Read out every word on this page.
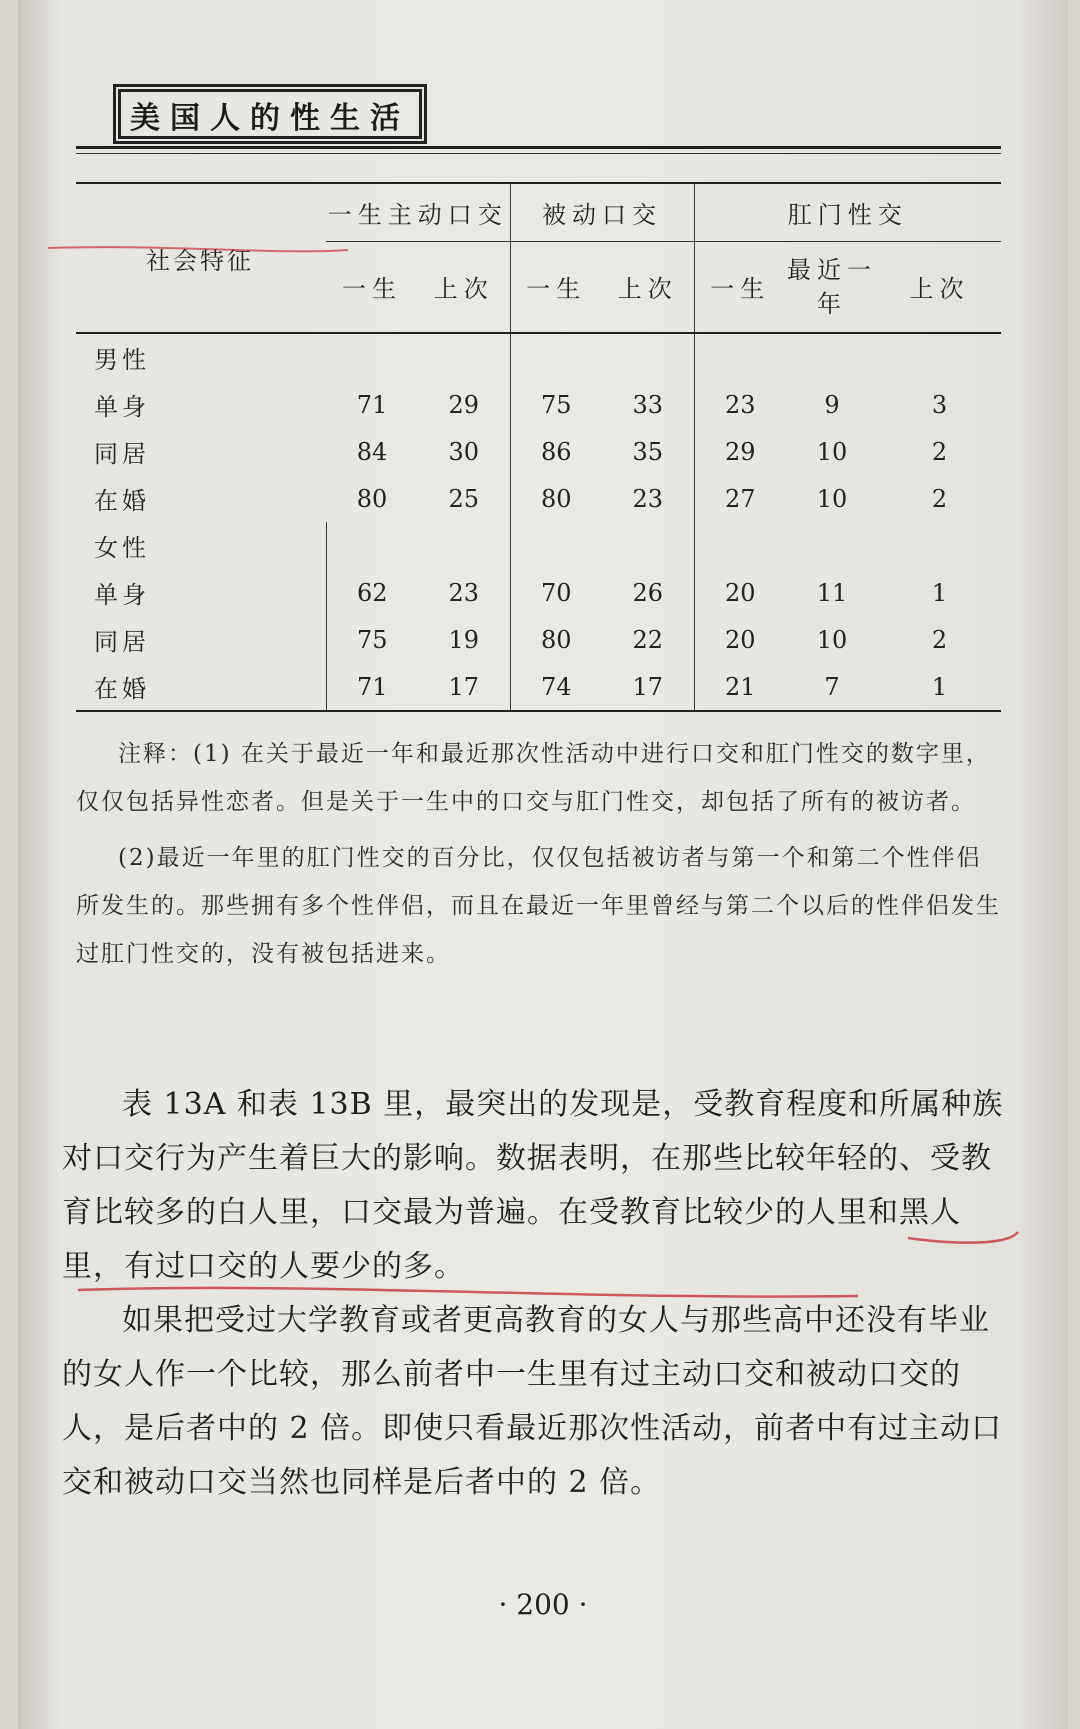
美国人的性生活
社会特征	一生主动口交		被动口交		肛门性交		
	一生	上次	一生	上次	一生	最近一年	上次
男性							
单身	71	29	75	33	23	9	3
同居	84	30	86	35	29	10	2
在婚	80	25	80	23	27	10	2
女性							
单身	62	23	70	26	20	11	1
同居	75	19	80	22	20	10	2
在婚	71	17	74	17	21	7	1

注释：(1) 在关于最近一年和最近那次性活动中进行口交和肛门性交的数字里，仅仅包括异性恋者。但是关于一生中的口交与肛门性交，却包括了所有的被访者。

(2)最近一年里的肛门性交的百分比，仅仅包括被访者与第一个和第二个性伴侣所发生的。那些拥有多个性伴侣，而且在最近一年里曾经与第二个以后的性伴侣发生过肛门性交的，没有被包括进来。

表 13A 和表 13B 里，最突出的发现是，受教育程度和所属种族对口交行为产生着巨大的影响。数据表明，在那些比较年轻的、受教育比较多的白人里，口交最为普遍。在受教育比较少的人里和黑人里，有过口交的人要少的多。

如果把受过大学教育或者更高教育的女人与那些高中还没有毕业的女人作一个比较，那么前者中一生里有过主动口交和被动口交的人，是后者中的 2 倍。即使只看最近那次性活动，前者中有过主动口交和被动口交当然也同样是后者中的 2 倍。

· 200 ·
